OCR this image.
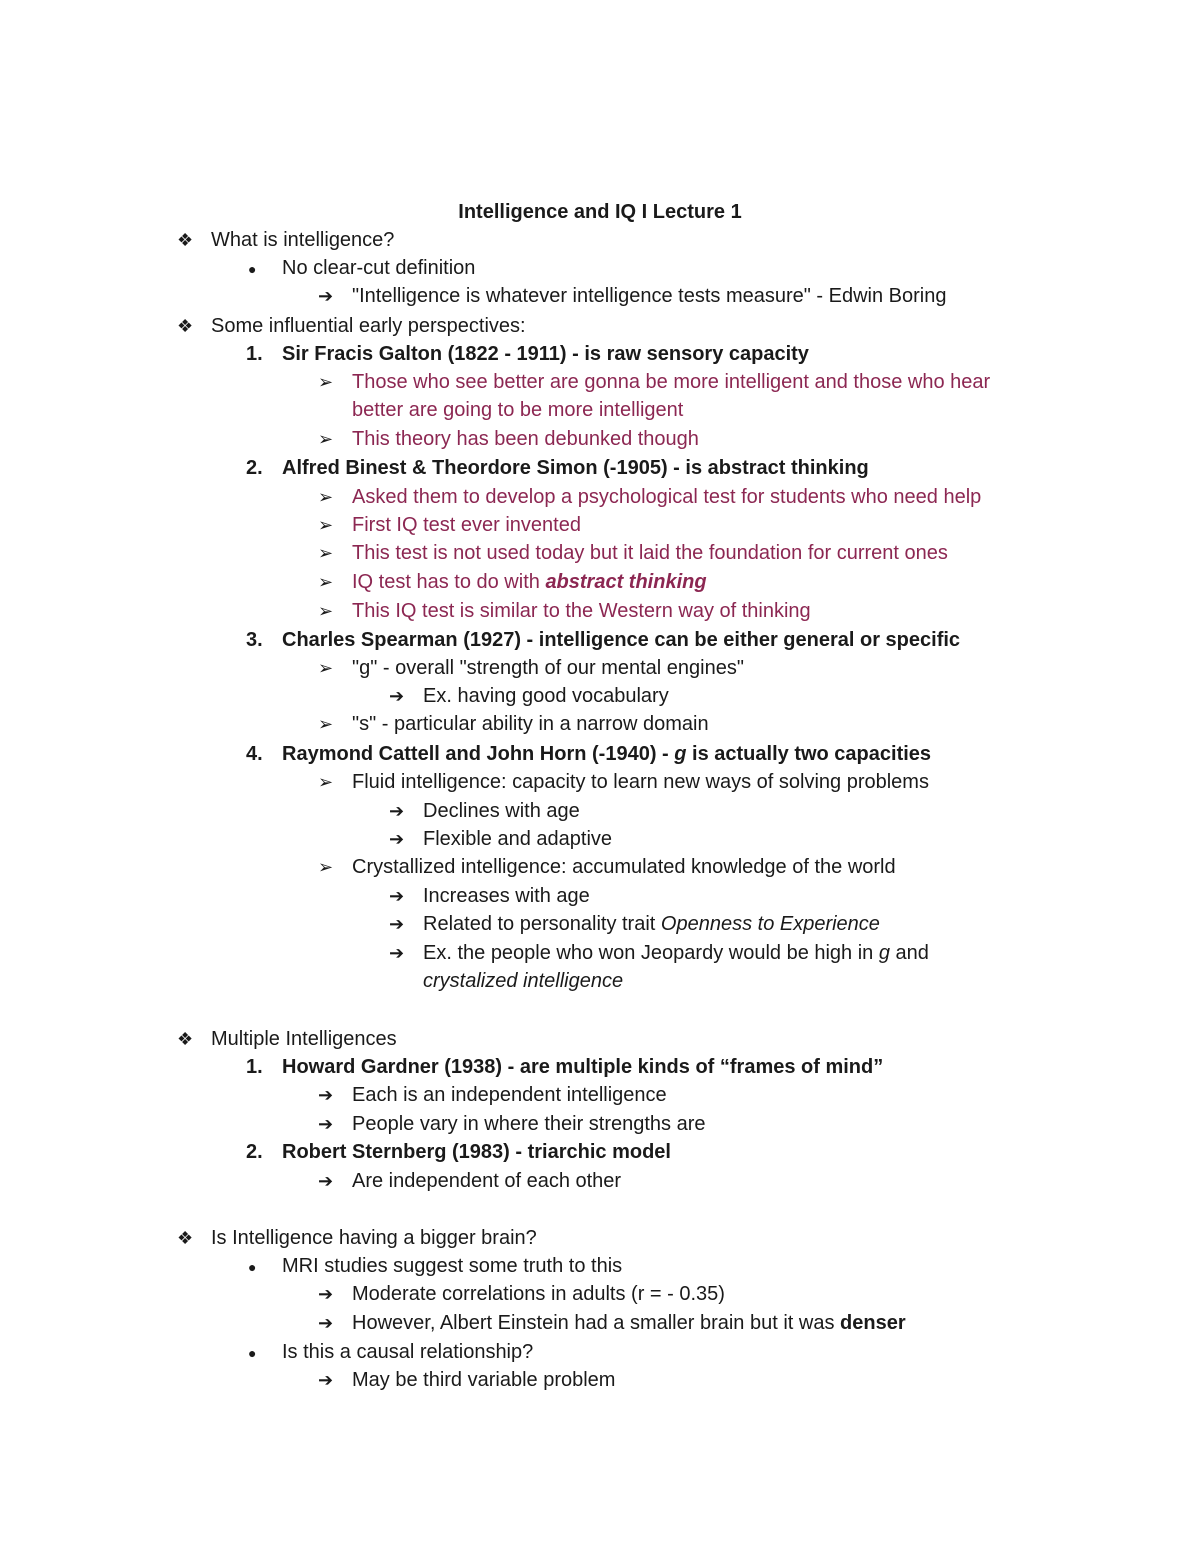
Intelligence and IQ I Lecture 1
❖ What is intelligence?
● No clear-cut definition
➔ "Intelligence is whatever intelligence tests measure" - Edwin Boring
❖ Some influential early perspectives:
1. Sir Fracis Galton (1822 - 1911) - is raw sensory capacity
➢ Those who see better are gonna be more intelligent and those who hear
better are going to be more intelligent
➢ This theory has been debunked though
2. Alfred Binest & Theordore Simon (-1905) - is abstract thinking
➢ Asked them to develop a psychological test for students who need help
➢ First IQ test ever invented
➢ This test is not used today but it laid the foundation for current ones
➢ IQ test has to do with abstract thinking
➢ This IQ test is similar to the Western way of thinking
3. Charles Spearman (1927) - intelligence can be either general or specific
➢ "g" - overall "strength of our mental engines"
➔ Ex. having good vocabulary
➢ "s" - particular ability in a narrow domain
4. Raymond Cattell and John Horn (-1940) - g is actually two capacities
➢ Fluid intelligence: capacity to learn new ways of solving problems
➔ Declines with age
➔ Flexible and adaptive
➢ Crystallized intelligence: accumulated knowledge of the world
➔ Increases with age
➔ Related to personality trait Openness to Experience
➔ Ex. the people who won Jeopardy would be high in g and
crystalized intelligence
❖ Multiple Intelligences
1. Howard Gardner (1938) - are multiple kinds of “frames of mind”
➔ Each is an independent intelligence
➔ People vary in where their strengths are
2. Robert Sternberg (1983) - triarchic model
➔ Are independent of each other
❖ Is Intelligence having a bigger brain?
● MRI studies suggest some truth to this
➔ Moderate correlations in adults (r = - 0.35)
➔ However, Albert Einstein had a smaller brain but it was denser
● Is this a causal relationship?
➔ May be third variable problem
